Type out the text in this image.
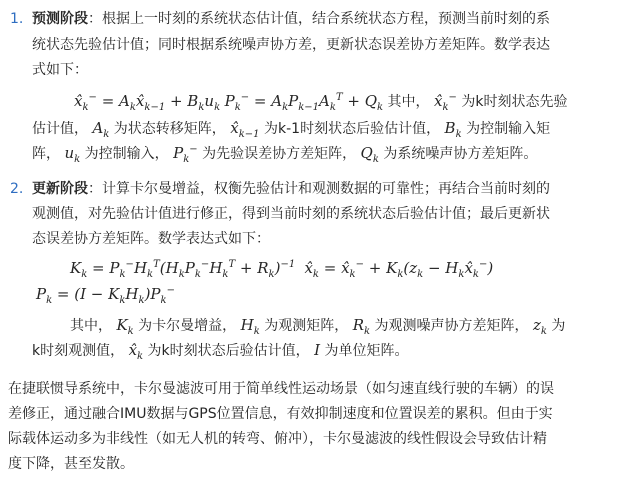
1. 预测阶段：根据上一时刻的系统状态估计值，结合系统状态方程，预测当前时刻的系
统状态先验估计值；同时根据系统噪声协方差，更新状态误差协方差矩阵。数学表达
式如下：
$x̂_k^-$ = $A_kx̂_{k-1} + B_ku_k$ $P_k^- = A_kP_{k-1}A_k^T + Q_k$ 其中， $x̂_k^-$ 为k时刻状态先验
估计值， $A_k$ 为状态转移矩阵， $x̂_{k-1}$ 为k-1时刻状态后验估计值， $B_k$ 为控制输入矩
阵， $u_k$ 为控制输入， $P_k^-$ 为先验误差协方差矩阵， $Q_k$ 为系统噪声协方差矩阵。
2. 更新阶段：计算卡尔曼增益，权衡先验估计和观测数据的可靠性；再结合当前时刻的
观测值，对先验估计值进行修正，得到当前时刻的系统状态后验估计值；最后更新状
态误差协方差矩阵。数学表达式如下：
$K_k = P_k^-H_k^T(H_kP_k^-H_k^T + R_k)^{-1}$  $x̂_k$ = $x̂_k^- + K_k(z_k$ − $H_kx̂_k^-$)
$P_k = (I - K_kH_k)P_k^-$
其中， $K_k$ 为卡尔曼增益， $H_k$ 为观测矩阵， $R_k$ 为观测噪声协方差矩阵， $z_k$ 为
k时刻观测值， $x̂_k$ 为k时刻状态后验估计值， I 为单位矩阵。
在捷联惯导系统中，卡尔曼滤波可用于简单线性运动场景（如匀速直线行驶的车辆）的误
差修正，通过融合IMU数据与GPS位置信息，有效抑制速度和位置误差的累积。但由于实
际载体运动多为非线性（如无人机的转弯、俯冲），卡尔曼滤波的线性假设会导致估计精
度下降，甚至发散。
